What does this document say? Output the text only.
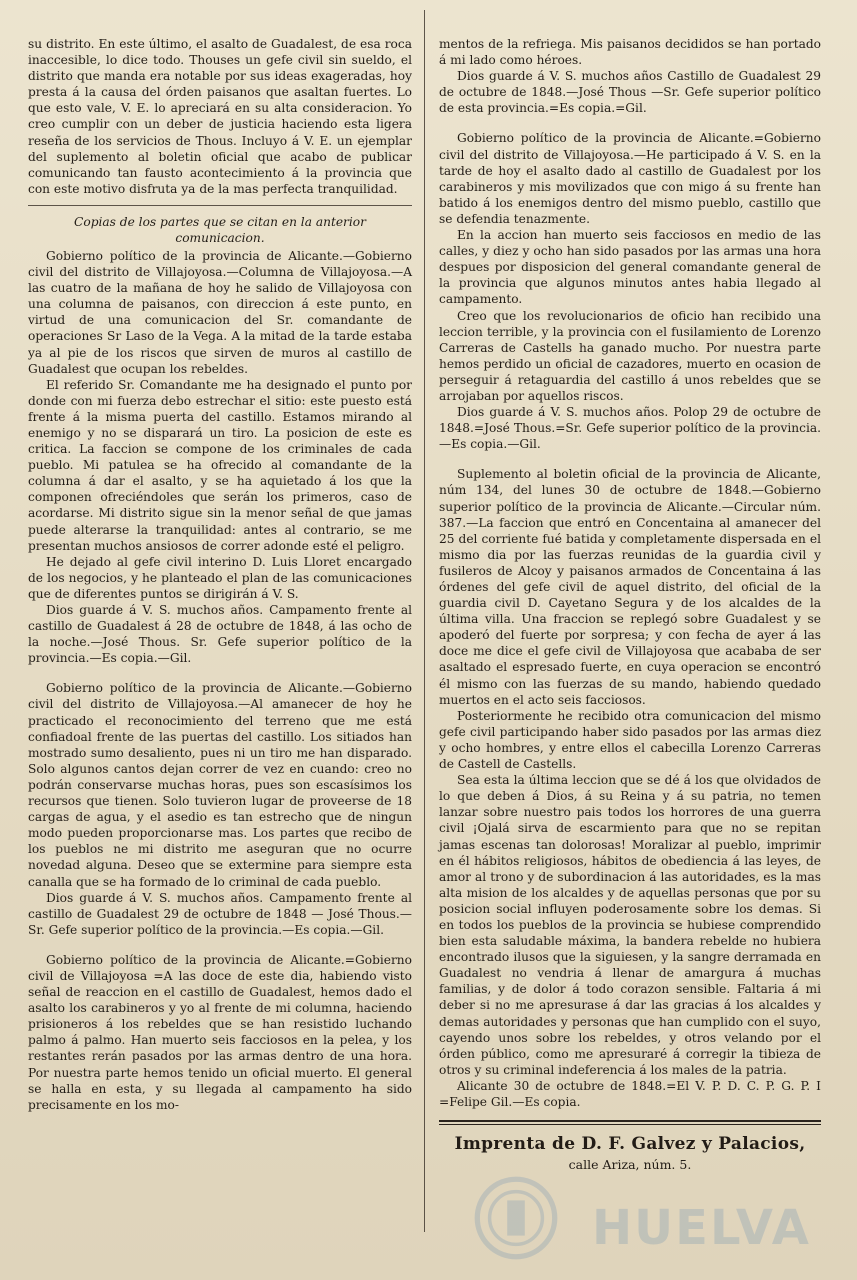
su distrito. En este último, el asalto de Guadalest, de esa roca inaccesible, lo dice todo. Thouses un gefe civil sin sueldo, el distrito que manda era notable por sus ideas exageradas, hoy presta á la causa del órden paisanos que asaltan fuertes. Lo que esto vale, V. E. lo apreciará en su alta consideracion. Yo creo cumplir con un deber de justicia haciendo esta ligera reseña de los servicios de Thous. Incluyo á V. E. un ejemplar del suplemento al boletin oficial que acabo de publicar comunicando tan fausto acontecimiento á la provincia que con este motivo disfruta ya de la mas perfecta tranquilidad.

Copias de los partes que se citan en la anterior comunicacion.

Gobierno político de la provincia de Alicante.—Gobierno civil del distrito de Villajoyosa.—Columna de Villajoyosa.—A las cuatro de la mañana de hoy he salido de Villajoyosa con una columna de paisanos, con direccion á este punto, en virtud de una comunicacion del Sr. comandante de operaciones Sr Laso de la Vega. A la mitad de la tarde estaba ya al pie de los riscos que sirven de muros al castillo de Guadalest que ocupan los rebeldes.

El referido Sr. Comandante me ha designado el punto por donde con mi fuerza debo estrechar el sitio: este puesto está frente á la misma puerta del castillo. Estamos mirando al enemigo y no se disparará un tiro. La posicion de este es critica. La faccion se compone de los criminales de cada pueblo. Mi patulea se ha ofrecido al comandante de la columna á dar el asalto, y se ha aquietado á los que la componen ofreciéndoles que serán los primeros, caso de acordarse. Mi distrito sigue sin la menor señal de que jamas puede alterarse la tranquilidad: antes al contrario, se me presentan muchos ansiosos de correr adonde esté el peligro.

He dejado al gefe civil interino D. Luis Lloret encargado de los negocios, y he planteado el plan de las comunicaciones que de diferentes puntos se dirigirán á V. S.

Dios guarde á V. S. muchos años. Campamento frente al castillo de Guadalest á 28 de octubre de 1848, á las ocho de la noche.—José Thous. Sr. Gefe superior político de la provincia.—Es copia.—Gil.

Gobierno político de la provincia de Alicante.—Gobierno civil del distrito de Villajoyosa.—Al amanecer de hoy he practicado el reconocimiento del terreno que me está confiadoal frente de las puertas del castillo. Los sitiados han mostrado sumo desaliento, pues ni un tiro me han disparado. Solo algunos cantos dejan correr de vez en cuando: creo no podrán conservarse muchas horas, pues son escasísimos los recursos que tienen. Solo tuvieron lugar de proveerse de 18 cargas de agua, y el asedio es tan estrecho que de ningun modo pueden proporcionarse mas. Los partes que recibo de los pueblos ne mi distrito me aseguran que no ocurre novedad alguna. Deseo que se extermine para siempre esta canalla que se ha formado de lo criminal de cada pueblo.

Dios guarde á V. S. muchos años. Campamento frente al castillo de Guadalest 29 de octubre de 1848 — José Thous.—Sr. Gefe superior político de la provincia.—Es copia.—Gil.

Gobierno político de la provincia de Alicante.=Gobierno civil de Villajoyosa =A las doce de este dia, habiendo visto señal de reaccion en el castillo de Guadalest, hemos dado el asalto los carabineros y yo al frente de mi columna, haciendo prisioneros á los rebeldes que se han resistido luchando palmo á palmo. Han muerto seis facciosos en la pelea, y los restantes rerán pasados por las armas dentro de una hora. Por nuestra parte hemos tenido un oficial muerto. El general se halla en esta, y su llegada al campamento ha sido precisamente en los mo-

mentos de la refriega. Mis paisanos decididos se han portado á mi lado como héroes.

Dios guarde á V. S. muchos años Castillo de Guadalest 29 de octubre de 1848.—José Thous —Sr. Gefe superior político de esta provincia.=Es copia.=Gil.

Gobierno político de la provincia de Alicante.=Gobierno civil del distrito de Villajoyosa.—He participado á V. S. en la tarde de hoy el asalto dado al castillo de Guadalest por los carabineros y mis movilizados que con migo á su frente han batido á los enemigos dentro del mismo pueblo, castillo que se defendia tenazmente.

En la accion han muerto seis facciosos en medio de las calles, y diez y ocho han sido pasados por las armas una hora despues por disposicion del general comandante general de la provincia que algunos minutos antes habia llegado al campamento.

Creo que los revolucionarios de oficio han recibido una leccion terrible, y la provincia con el fusilamiento de Lorenzo Carreras de Castells ha ganado mucho. Por nuestra parte hemos perdido un oficial de cazadores, muerto en ocasion de perseguir á retaguardia del castillo á unos rebeldes que se arrojaban por aquellos riscos.

Dios guarde á V. S. muchos años. Polop 29 de octubre de 1848.=José Thous.=Sr. Gefe superior político de la provincia.—Es copia.—Gil.

Suplemento al boletin oficial de la provincia de Alicante, núm 134, del lunes 30 de octubre de 1848.—Gobierno superior político de la provincia de Alicante.—Circular núm. 387.—La faccion que entró en Concentaina al amanecer del 25 del corriente fué batida y completamente dispersada en el mismo dia por las fuerzas reunidas de la guardia civil y fusileros de Alcoy y paisanos armados de Concentaina á las órdenes del gefe civil de aquel distrito, del oficial de la guardia civil D. Cayetano Segura y de los alcaldes de la última villa. Una fraccion se replegó sobre Guadalest y se apoderó del fuerte por sorpresa; y con fecha de ayer á las doce me dice el gefe civil de Villajoyosa que acababa de ser asaltado el espresado fuerte, en cuya operacion se encontró él mismo con las fuerzas de su mando, habiendo quedado muertos en el acto seis facciosos.

Posteriormente he recibido otra comunicacion del mismo gefe civil participando haber sido pasados por las armas diez y ocho hombres, y entre ellos el cabecilla Lorenzo Carreras de Castell de Castells.

Sea esta la última leccion que se dé á los que olvidados de lo que deben á Dios, á su Reina y á su patria, no temen lanzar sobre nuestro pais todos los horrores de una guerra civil ¡Ojalá sirva de escarmiento para que no se repitan jamas escenas tan dolorosas! Moralizar al pueblo, imprimir en él hábitos religiosos, hábitos de obediencia á las leyes, de amor al trono y de subordinacion á las autoridades, es la mas alta mision de los alcaldes y de aquellas personas que por su posicion social influyen poderosamente sobre los demas. Si en todos los pueblos de la provincia se hubiese comprendido bien esta saludable máxima, la bandera rebelde no hubiera encontrado ilusos que la siguiesen, y la sangre derramada en Guadalest no vendria á llenar de amargura á muchas familias, y de dolor á todo corazon sensible. Faltaria á mi deber si no me apresurase á dar las gracias á los alcaldes y demas autoridades y personas que han cumplido con el suyo, cayendo unos sobre los rebeldes, y otros velando por el órden público, como me apresuraré á corregir la tibieza de otros y su criminal indeferencia á los males de la patria.

Alicante 30 de octubre de 1848.=El V. P. D. C. P. G. P. I =Felipe Gil.—Es copia.

Imprenta de D. F. Galvez y Palacios,
calle Ariza, núm. 5.
HUELVA
